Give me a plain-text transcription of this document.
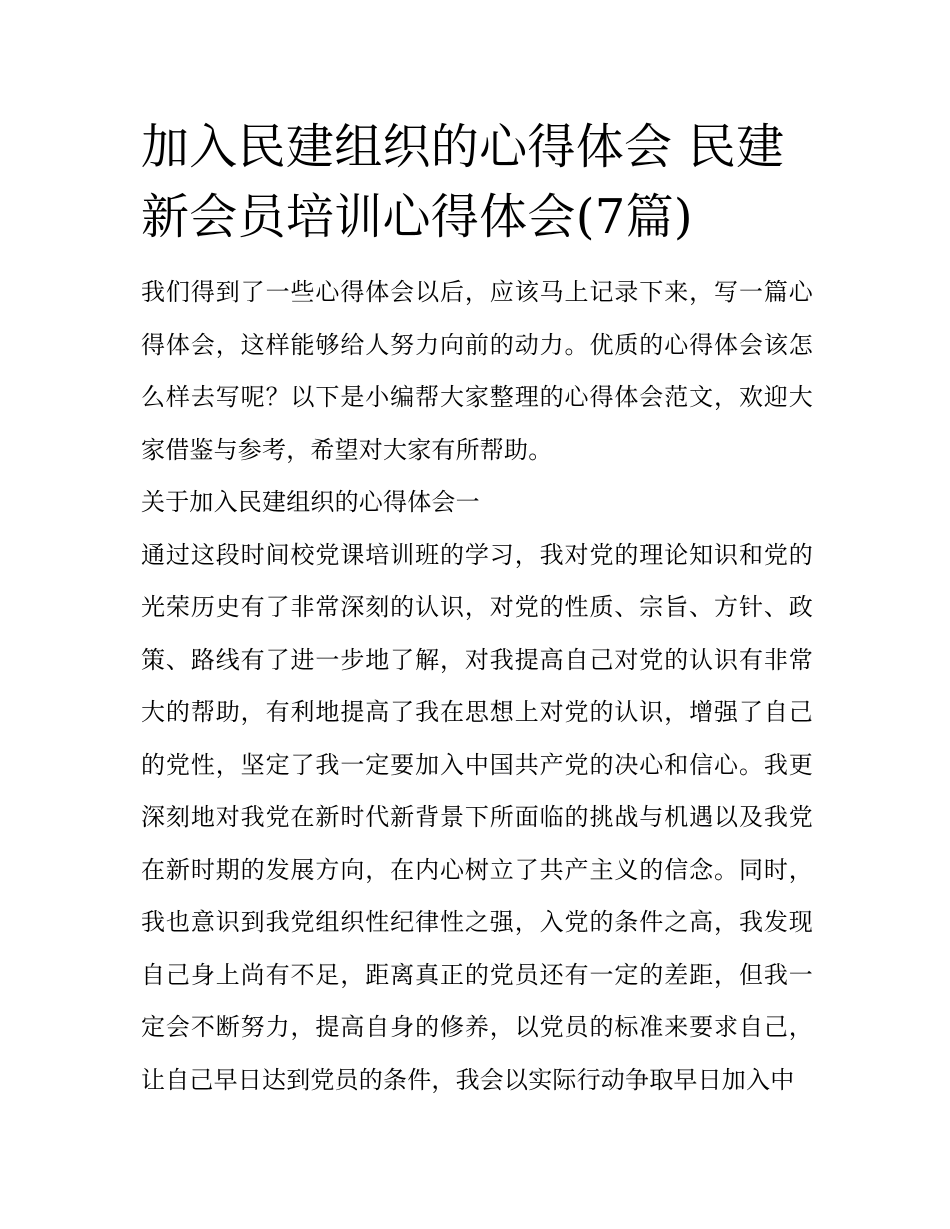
加入民建组织的心得体会 民建新会员培训心得体会(7篇)

我们得到了一些心得体会以后，应该马上记录下来，写一篇心得体会，这样能够给人努力向前的动力。优质的心得体会该怎么样去写呢？以下是小编帮大家整理的心得体会范文，欢迎大家借鉴与参考，希望对大家有所帮助。

关于加入民建组织的心得体会一

通过这段时间校党课培训班的学习，我对党的理论知识和党的光荣历史有了非常深刻的认识，对党的性质、宗旨、方针、政策、路线有了进一步地了解，对我提高自己对党的认识有非常大的帮助，有利地提高了我在思想上对党的认识，增强了自己的党性，坚定了我一定要加入中国共产党的决心和信心。我更深刻地对我党在新时代新背景下所面临的挑战与机遇以及我党在新时期的发展方向，在内心树立了共产主义的信念。同时，我也意识到我党组织性纪律性之强，入党的条件之高，我发现自己身上尚有不足，距离真正的党员还有一定的差距，但我一定会不断努力，提高自身的修养，以党员的标准来要求自己，让自己早日达到党员的条件，我会以实际行动争取早日加入中
